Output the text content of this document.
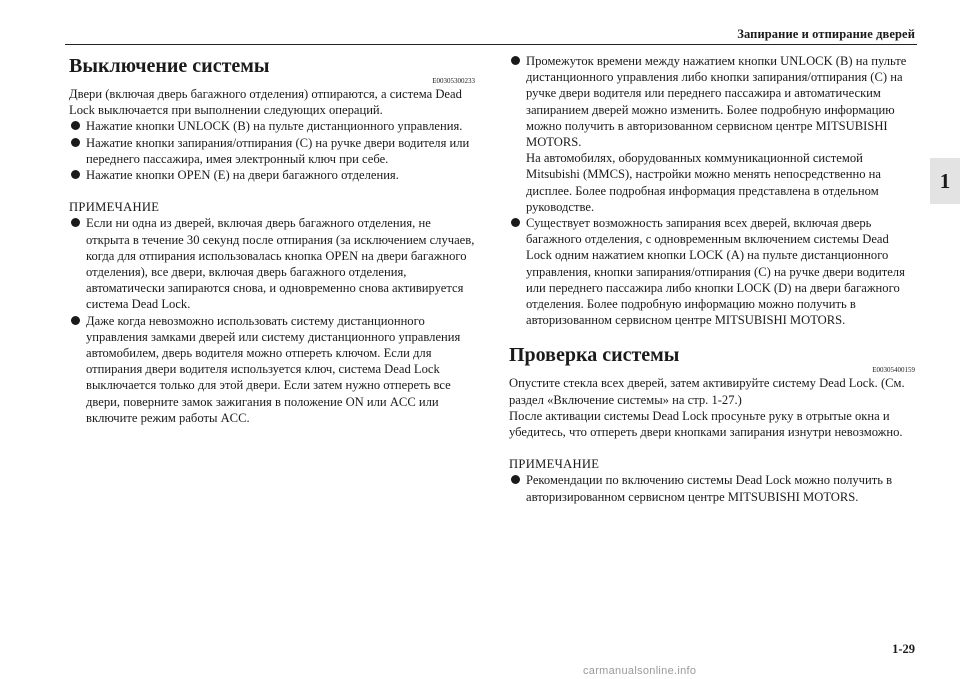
Запирание и отпирание дверей
1
Выключение системы
E00305300233

Двери (включая дверь багажного отделения) отпираются, а система Dead Lock выключается при выполнении следующих операций.

Нажатие кнопки UNLOCK (B) на пульте дистанционного управления.
Нажатие кнопки запирания/отпирания (C) на ручке двери водителя или переднего пассажира, имея электронный ключ при себе.
Нажатие кнопки OPEN (E) на двери багажного отделения.

ПРИМЕЧАНИЕ

Если ни одна из дверей, включая дверь багажного отделения, не открыта в течение 30 секунд после отпирания (за исключением случаев, когда для отпирания использовалась кнопка OPEN на двери багажного отделения), все двери, включая дверь багажного отделения, автоматически запираются снова, и одновременно снова активируется система Dead Lock.
Даже когда невозможно использовать систему дистанционного управления замками дверей или систему дистанционного управления автомобилем, дверь водителя можно отпереть ключом. Если для отпирания двери водителя используется ключ, система Dead Lock выключается только для этой двери. Если затем нужно отпереть все двери, поверните замок зажигания в положение ON или ACC или включите режим работы ACC.
Промежуток времени между нажатием кнопки UNLOCK (B) на пульте дистанционного управления либо кнопки запирания/отпирания (C) на ручке двери водителя или переднего пассажира и автоматическим запиранием дверей можно изменить. Более подробную информацию можно получить в авторизованном сервисном центре MITSUBISHI MOTORS.
На автомобилях, оборудованных коммуникационной системой Mitsubishi (MMCS), настройки можно менять непосредственно на дисплее. Более подробная информация представлена в отдельном руководстве.
Существует возможность запирания всех дверей, включая дверь багажного отделения, с одновременным включением системы Dead Lock одним нажатием кнопки LOCK (A) на пульте дистанционного управления, кнопки запирания/отпирания (C) на ручке двери водителя или переднего пассажира либо кнопки LOCK (D) на двери багажного отделения. Более подробную информацию можно получить в авторизованном сервисном центре MITSUBISHI MOTORS.
Проверка системы
E00305400159

Опустите стекла всех дверей, затем активируйте систему Dead Lock. (См. раздел «Включение системы» на стр. 1-27.)

После активации системы Dead Lock просуньте руку в отрытые окна и убедитесь, что отпереть двери кнопками запирания изнутри невозможно.

ПРИМЕЧАНИЕ

Рекомендации по включению системы Dead Lock можно получить в авторизированном сервисном центре MITSUBISHI MOTORS.
1-29
carmanualsonline.info
